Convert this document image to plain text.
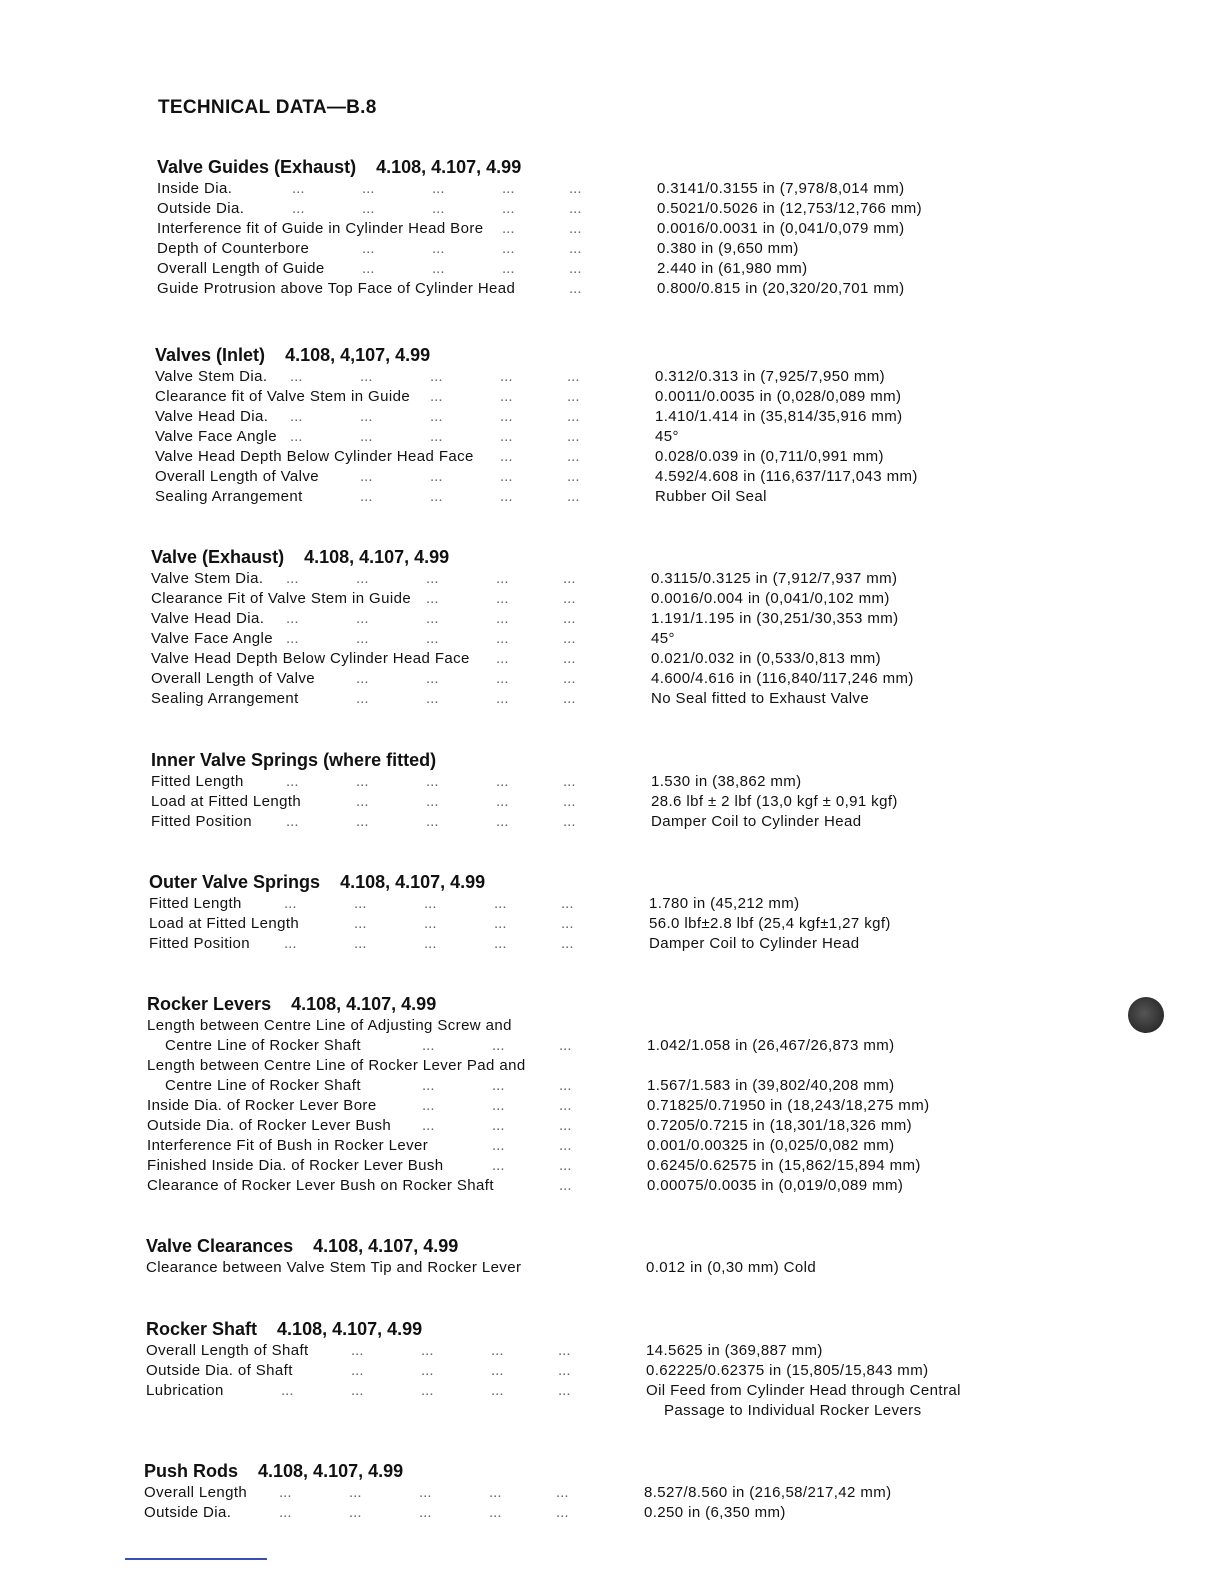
TECHNICAL DATA—B.8
Valve Guides (Exhaust) 4.108, 4.107, 4.99
Inside Dia.	...	...	...	...	...	0.3141/0.3155 in (7,978/8,014 mm)
Outside Dia.	...	...	...	...	...	0.5021/0.5026 in (12,753/12,766 mm)
Interference fit of Guide in Cylinder Head Bore ...	...	0.0016/0.0031 in (0,041/0,079 mm)
Depth of Counterbore	...	...	...	...	0.380 in (9,650 mm)
Overall Length of Guide ...	...	...	...	2.440 in (61,980 mm)
Guide Protrusion above Top Face of Cylinder Head	...	0.800/0.815 in (20,320/20,701 mm)
Valves (Inlet) 4.108, 4,107, 4.99
Valve Stem Dia. ...	...	...	...	...	0.312/0.313 in (7,925/7,950 mm)
Clearance fit of Valve Stem in Guide ...	...	...	0.0011/0.0035 in (0,028/0,089 mm)
Valve Head Dia. ...	...	...	...	...	1.410/1.414 in (35,814/35,916 mm)
Valve Face Angle ...	...	...	...	...	45°
Valve Head Depth Below Cylinder Head Face ...	...	0.028/0.039 in (0,711/0,991 mm)
Overall Length of Valve	...	...	...	...	4.592/4.608 in (116,637/117,043 mm)
Sealing Arrangement	...	...	...	...	Rubber Oil Seal
Valve (Exhaust) 4.108, 4.107, 4.99
Valve Stem Dia. ...	...	...	...	...	0.3115/0.3125 in (7,912/7,937 mm)
Clearance Fit of Valve Stem in Guide ...	...	...	0.0016/0.004 in (0,041/0,102 mm)
Valve Head Dia. ...	...	...	...	...	1.191/1.195 in (30,251/30,353 mm)
Valve Face Angle ...	...	...	...	...	45°
Valve Head Depth Below Cylinder Head Face ...	...	0.021/0.032 in (0,533/0,813 mm)
Overall Length of Valve	...	...	...	...	4.600/4.616 in (116,840/117,246 mm)
Sealing Arrangement	...	...	...	...	No Seal fitted to Exhaust Valve
Inner Valve Springs (where fitted)
Fitted Length	...	...	...	...	...	1.530 in (38,862 mm)
Load at Fitted Length	...	...	...	...	28.6 lbf ± 2 lbf (13,0 kgf ± 0,91 kgf)
Fitted Position ...	...	...	...	...	Damper Coil to Cylinder Head
Outer Valve Springs 4.108, 4.107, 4.99
Fitted Length	...	...	...	...	...	1.780 in (45,212 mm)
Load at Fitted Length	...	...	...	...	56.0 lbf±2.8 lbf (25,4 kgf±1,27 kgf)
Fitted Position ...	...	...	...	...	Damper Coil to Cylinder Head
Rocker Levers 4.108, 4.107, 4.99
Length between Centre Line of Adjusting Screw and
Centre Line of Rocker Shaft	...	...	...	1.042/1.058 in (26,467/26,873 mm)
Length between Centre Line of Rocker Lever Pad and
Centre Line of Rocker Shaft	...	...	...	1.567/1.583 in (39,802/40,208 mm)
Inside Dia. of Rocker Lever Bore	...	...	...	0.71825/0.71950 in (18,243/18,275 mm)
Outside Dia. of Rocker Lever Bush ...	...	...	0.7205/0.7215 in (18,301/18,326 mm)
Interference Fit of Bush in Rocker Lever	...	...	0.001/0.00325 in (0,025/0,082 mm)
Finished Inside Dia. of Rocker Lever Bush	...	...	0.6245/0.62575 in (15,862/15,894 mm)
Clearance of Rocker Lever Bush on Rocker Shaft	...	0.00075/0.0035 in (0,019/0,089 mm)
Valve Clearances 4.108, 4.107, 4.99
Clearance between Valve Stem Tip and Rocker Lever	0.012 in (0,30 mm) Cold
Rocker Shaft 4.108, 4.107, 4.99
Overall Length of Shaft	...	...	...	...	14.5625 in (369,887 mm)
Outside Dia. of Shaft	...	...	...	...	0.62225/0.62375 in (15,805/15,843 mm)
Lubrication	...	...	...	...	...	Oil Feed from Cylinder Head through Central
Passage to Individual Rocker Levers
Push Rods 4.108, 4.107, 4.99
Overall Length ...	...	...	...	...	8.527/8.560 in (216,58/217,42 mm)
Outside Dia.	...	...	...	...	...	0.250 in (6,350 mm)
